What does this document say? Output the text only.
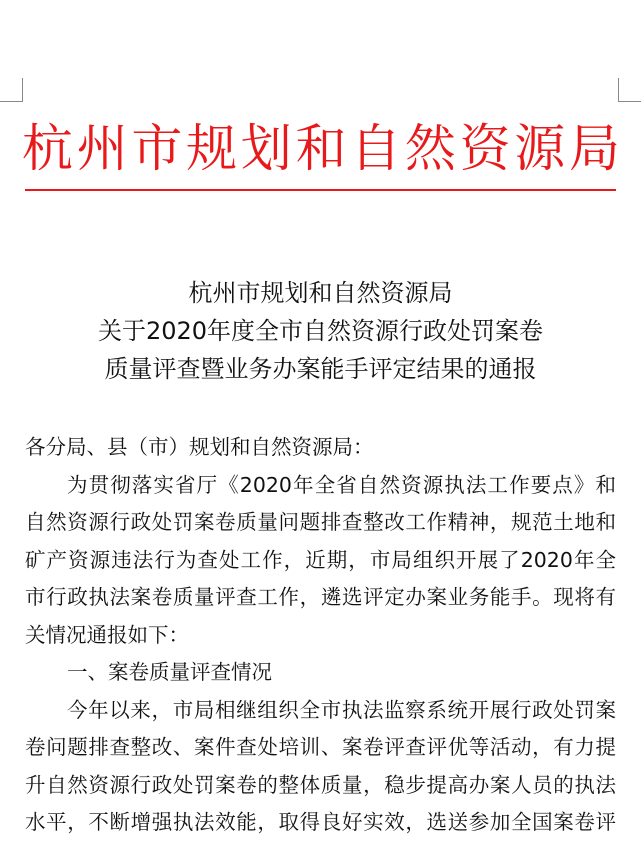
杭州市规划和自然资源局
杭州市规划和自然资源局
关于2020年度全市自然资源行政处罚案卷
质量评查暨业务办案能手评定结果的通报
各分局、县（市）规划和自然资源局：
为贯彻落实省厅《2020年全省自然资源执法工作要点》和
自然资源行政处罚案卷质量问题排查整改工作精神，规范土地和
矿产资源违法行为查处工作，近期，市局组织开展了2020年全
市行政执法案卷质量评查工作，遴选评定办案业务能手。现将有
关情况通报如下：
一、案卷质量评查情况
今年以来，市局相继组织全市执法监察系统开展行政处罚案
卷问题排查整改、案件查处培训、案卷评查评优等活动，有力提
升自然资源行政处罚案卷的整体质量，稳步提高办案人员的执法
水平，不断增强执法效能，取得良好实效，选送参加全国案卷评
